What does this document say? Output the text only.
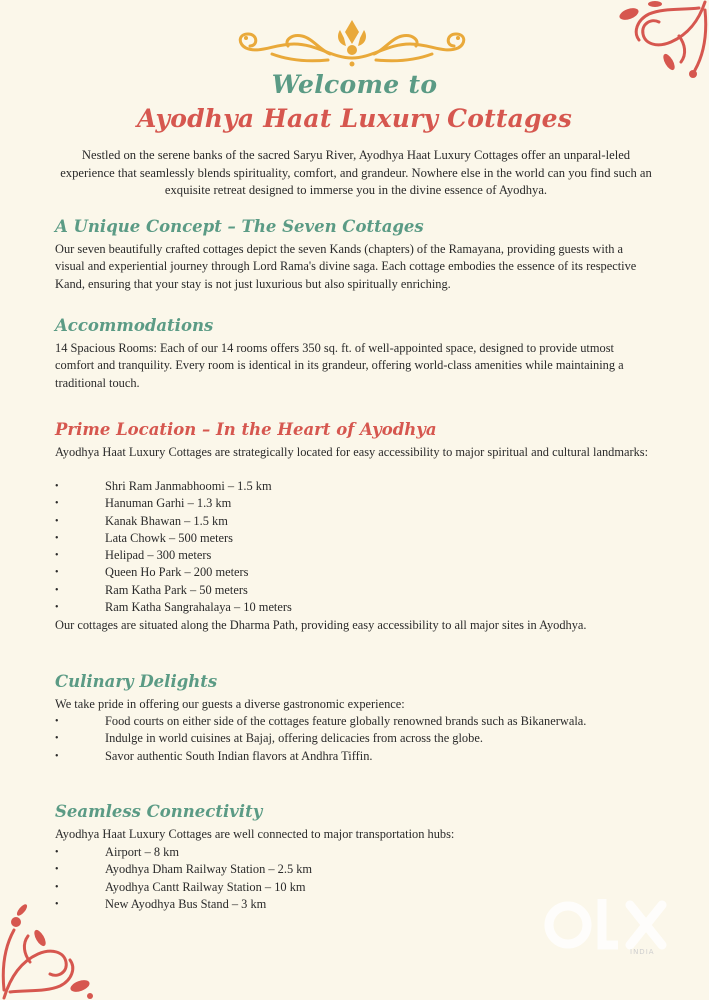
Welcome to
Ayodhya Haat Luxury Cottages
Nestled on the serene banks of the sacred Saryu River, Ayodhya Haat Luxury Cottages offer an unparal-leled experience that seamlessly blends spirituality, comfort, and grandeur. Nowhere else in the world can you find such an exquisite retreat designed to immerse you in the divine essence of Ayodhya.
A Unique Concept – The Seven Cottages
Our seven beautifully crafted cottages depict the seven Kands (chapters) of the Ramayana, providing guests with a visual and experiential journey through Lord Rama's divine saga. Each cottage embodies the essence of its respective Kand, ensuring that your stay is not just luxurious but also spiritually enriching.
Accommodations
14 Spacious Rooms: Each of our 14 rooms offers 350 sq. ft. of well-appointed space, designed to provide utmost comfort and tranquility. Every room is identical in its grandeur, offering world-class amenities while maintaining a traditional touch.
Prime Location – In the Heart of Ayodhya
Ayodhya Haat Luxury Cottages are strategically located for easy accessibility to major spiritual and cultural landmarks:
• Shri Ram Janmabhoomi – 1.5 km
• Hanuman Garhi – 1.3 km
• Kanak Bhawan – 1.5 km
• Lata Chowk – 500 meters
• Helipad – 300 meters
• Queen Ho Park – 200 meters
• Ram Katha Park – 50 meters
• Ram Katha Sangrahalaya – 10 meters
Our cottages are situated along the Dharma Path, providing easy accessibility to all major sites in Ayodhya.
Culinary Delights
We take pride in offering our guests a diverse gastronomic experience:
• Food courts on either side of the cottages feature globally renowned brands such as Bikanerwala.
• Indulge in world cuisines at Bajaj, offering delicacies from across the globe.
• Savor authentic South Indian flavors at Andhra Tiffin.
Seamless Connectivity
Ayodhya Haat Luxury Cottages are well connected to major transportation hubs:
• Airport – 8 km
• Ayodhya Dham Railway Station – 2.5 km
• Ayodhya Cantt Railway Station – 10 km
• New Ayodhya Bus Stand – 3 km
INDIA
